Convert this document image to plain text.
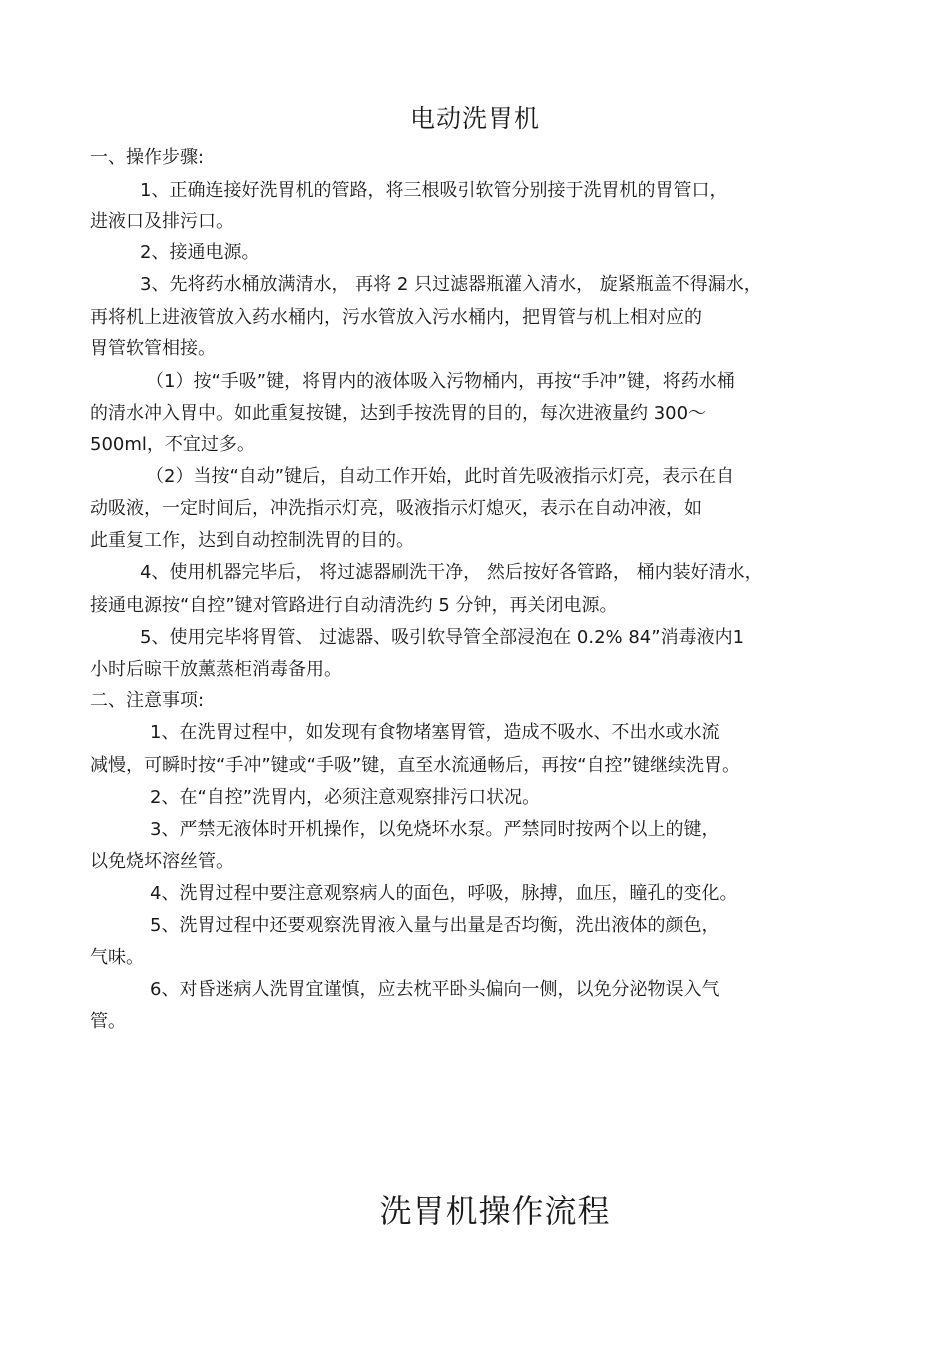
电动洗胃机
一、操作步骤:
1、正确连接好洗胃机的管路，将三根吸引软管分别接于洗胃机的胃管口，
进液口及排污口。
2、接通电源。
3、先将药水桶放满清水， 再将 2 只过滤器瓶灌入清水， 旋紧瓶盖不得漏水，
再将机上进液管放入药水桶内，污水管放入污水桶内，把胃管与机上相对应的
胃管软管相接。
（1）按“手吸”键，将胃内的液体吸入污物桶内，再按“手冲”键，将药水桶
的清水冲入胃中。如此重复按键，达到手按洗胃的目的，每次进液量约 300～
500ml，不宜过多。
（2）当按“自动”键后，自动工作开始，此时首先吸液指示灯亮，表示在自
动吸液，一定时间后，冲洗指示灯亮，吸液指示灯熄灭，表示在自动冲液，如
此重复工作，达到自动控制洗胃的目的。
4、使用机器完毕后， 将过滤器刷洗干净， 然后按好各管路， 桶内装好清水，
接通电源按“自控”键对管路进行自动清洗约 5 分钟，再关闭电源。
5、使用完毕将胃管、 过滤器、吸引软导管全部浸泡在 0.2% 84”消毒液内1
小时后晾干放薰蒸柜消毒备用。
二、注意事项:
1、在洗胃过程中，如发现有食物堵塞胃管，造成不吸水、不出水或水流
减慢，可瞬时按“手冲”键或“手吸”键，直至水流通畅后，再按“自控”键继续洗胃。
2、在“自控”洗胃内，必须注意观察排污口状况。
3、严禁无液体时开机操作，以免烧坏水泵。严禁同时按两个以上的键，
以免烧坏溶丝管。
4、洗胃过程中要注意观察病人的面色，呼吸，脉搏，血压，瞳孔的变化。
5、洗胃过程中还要观察洗胃液入量与出量是否均衡，洗出液体的颜色，
气味。
6、对昏迷病人洗胃宜谨慎，应去枕平卧头偏向一侧，以免分泌物误入气
管。
洗胃机操作流程
